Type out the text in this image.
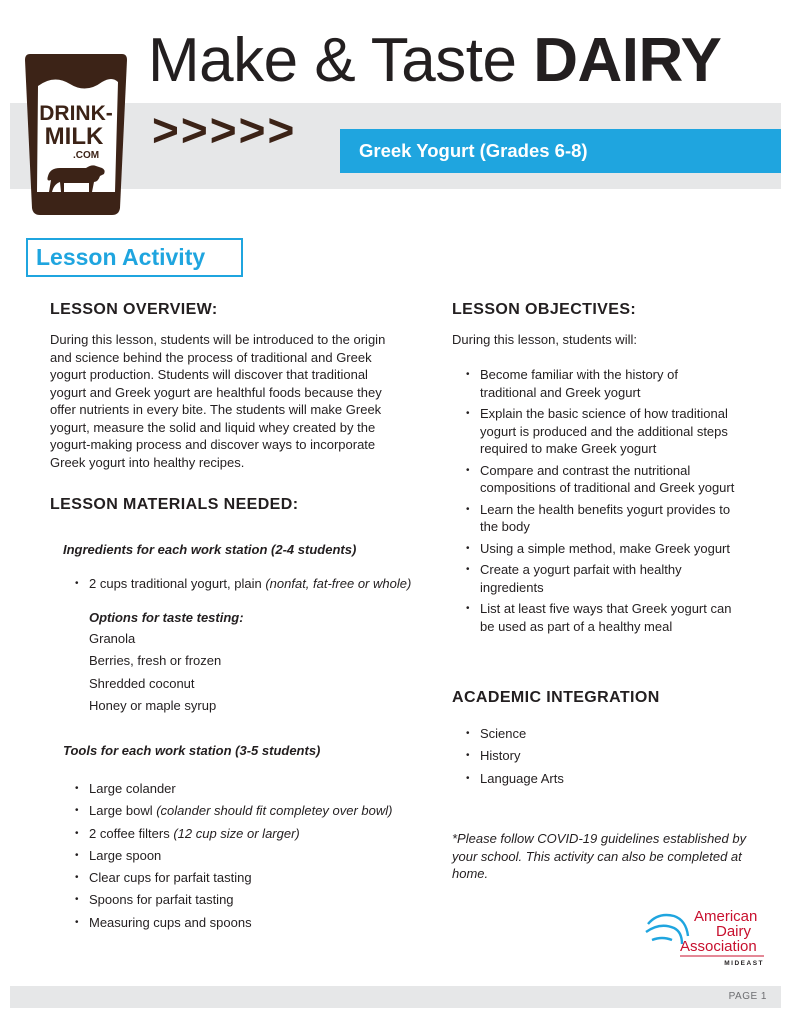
Make & Taste DAIRY
>>>>>	Greek Yogurt (Grades 6-8)
DRINK-
MILK
.COM
Lesson Activity
LESSON OVERVIEW:
During this lesson, students will be introduced to the origin
and science behind the process of traditional and Greek
yogurt production. Students will discover that traditional
yogurt and Greek yogurt are healthful foods because they
offer nutrients in every bite. The students will make Greek
yogurt, measure the solid and liquid whey created by the
yogurt-making process and discover ways to incorporate
Greek yogurt into healthy recipes.
LESSON MATERIALS NEEDED:
Ingredients for each work station (2-4 students)
• 2 cups traditional yogurt, plain (nonfat, fat-free or whole)
Options for taste testing:
Granola
Berries, fresh or frozen
Shredded coconut
Honey or maple syrup
Tools for each work station (3-5 students)
• Large colander
• Large bowl (colander should fit completey over bowl)
• 2 coffee filters (12 cup size or larger)
• Large spoon
• Clear cups for parfait tasting
• Spoons for parfait tasting
• Measuring cups and spoons
LESSON OBJECTIVES:
During this lesson, students will:
• Become familiar with the history of
traditional and Greek yogurt
• Explain the basic science of how traditional
yogurt is produced and the additional steps
required to make Greek yogurt
• Compare and contrast the nutritional
compositions of traditional and Greek yogurt
• Learn the health benefits yogurt provides to
the body
• Using a simple method, make Greek yogurt
• Create a yogurt parfait with healthy
ingredients
• List at least five ways that Greek yogurt can
be used as part of a healthy meal
ACADEMIC INTEGRATION
• Science
• History
• Language Arts
*Please follow COVID-19 guidelines established by
your school. This activity can also be completed at
home.
American
Dairy
Association
MIDEAST
PAGE 1
